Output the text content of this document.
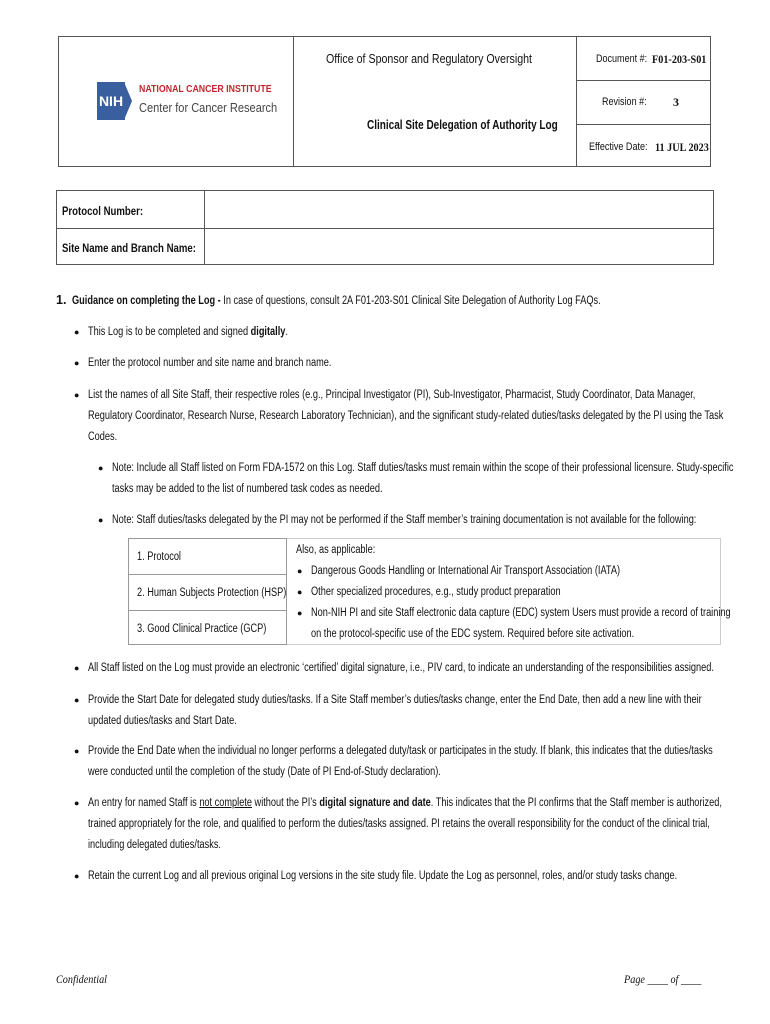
NIH
NATIONAL CANCER INSTITUTE
Center for Cancer Research
Office of Sponsor and Regulatory Oversight
Clinical Site Delegation of Authority Log
Document #: F01-203-S01
Revision #: 3
Effective Date: 11 JUL 2023
Protocol Number:
Site Name and Branch Name:
1. Guidance on completing the Log - In case of questions, consult 2A F01-203-S01 Clinical Site Delegation of Authority Log FAQs.
● This Log is to be completed and signed digitally.
● Enter the protocol number and site name and branch name.
● List the names of all Site Staff, their respective roles (e.g., Principal Investigator (PI), Sub-Investigator, Pharmacist, Study Coordinator, Data Manager,
Regulatory Coordinator, Research Nurse, Research Laboratory Technician), and the significant study-related duties/tasks delegated by the PI using the Task
Codes.
● Note: Include all Staff listed on Form FDA-1572 on this Log. Staff duties/tasks must remain within the scope of their professional licensure. Study-specific
tasks may be added to the list of numbered task codes as needed.
● Note: Staff duties/tasks delegated by the PI may not be performed if the Staff member’s training documentation is not available for the following:
1. Protocol
2. Human Subjects Protection (HSP)
3. Good Clinical Practice (GCP)
Also, as applicable:
● Dangerous Goods Handling or International Air Transport Association (IATA)
● Other specialized procedures, e.g., study product preparation
● Non-NIH PI and site Staff electronic data capture (EDC) system Users must provide a record of training
on the protocol-specific use of the EDC system. Required before site activation.
● All Staff listed on the Log must provide an electronic ‘certified’ digital signature, i.e., PIV card, to indicate an understanding of the responsibilities assigned.
● Provide the Start Date for delegated study duties/tasks. If a Site Staff member’s duties/tasks change, enter the End Date, then add a new line with their
updated duties/tasks and Start Date.
● Provide the End Date when the individual no longer performs a delegated duty/task or participates in the study. If blank, this indicates that the duties/tasks
were conducted until the completion of the study (Date of PI End-of-Study declaration).
● An entry for named Staff is not complete without the PI’s digital signature and date. This indicates that the PI confirms that the Staff member is authorized,
trained appropriately for the role, and qualified to perform the duties/tasks assigned. PI retains the overall responsibility for the conduct of the clinical trial,
including delegated duties/tasks.
● Retain the current Log and all previous original Log versions in the site study file. Update the Log as personnel, roles, and/or study tasks change.
Confidential	Page ____ of ____
